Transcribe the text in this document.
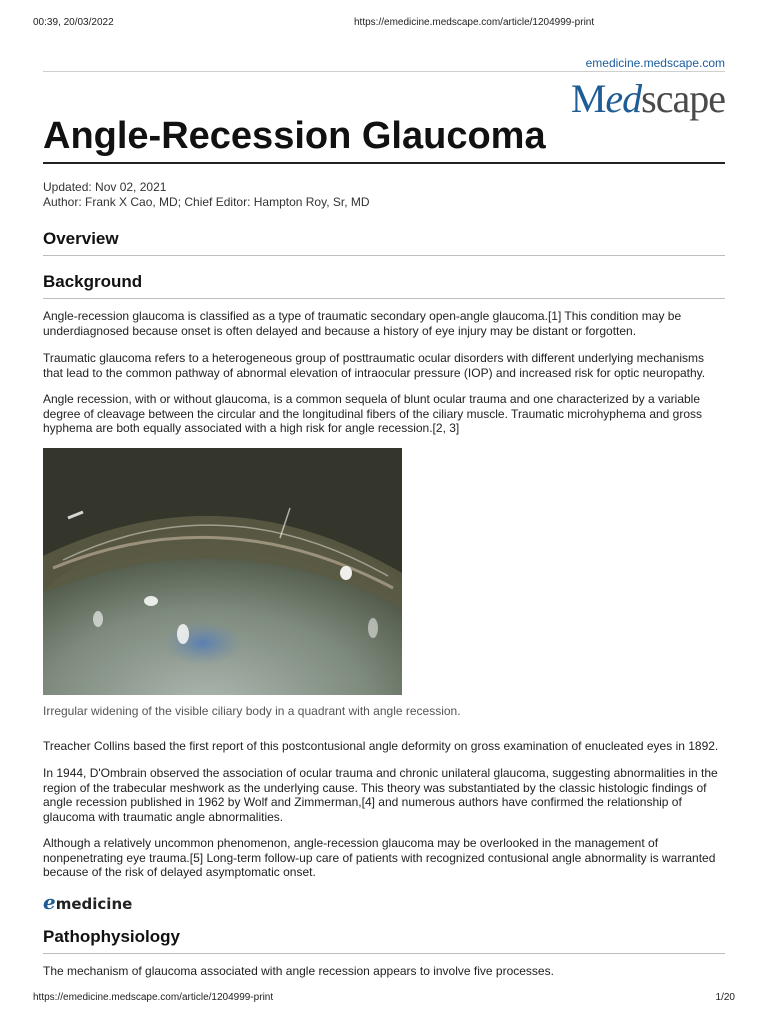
00:39, 20/03/2022	https://emedicine.medscape.com/article/1204999-print
emedicine.medscape.com
Medscape
Angle-Recession Glaucoma
Updated: Nov 02, 2021
Author: Frank X Cao, MD; Chief Editor: Hampton Roy, Sr, MD
Overview
Background

Angle-recession glaucoma is classified as a type of traumatic secondary open-angle glaucoma.[1] This condition may be underdiagnosed because onset is often delayed and because a history of eye injury may be distant or forgotten.

Traumatic glaucoma refers to a heterogeneous group of posttraumatic ocular disorders with different underlying mechanisms that lead to the common pathway of abnormal elevation of intraocular pressure (IOP) and increased risk for optic neuropathy.

Angle recession, with or without glaucoma, is a common sequela of blunt ocular trauma and one characterized by a variable degree of cleavage between the circular and the longitudinal fibers of the ciliary muscle. Traumatic microhyphema and gross hyphema are both equally associated with a high risk for angle recession.[2, 3]

Irregular widening of the visible ciliary body in a quadrant with angle recession.

Treacher Collins based the first report of this postcontusional angle deformity on gross examination of enucleated eyes in 1892.

In 1944, D'Ombrain observed the association of ocular trauma and chronic unilateral glaucoma, suggesting abnormalities in the region of the trabecular meshwork as the underlying cause. This theory was substantiated by the classic histologic findings of angle recession published in 1962 by Wolf and Zimmerman,[4] and numerous authors have confirmed the relationship of glaucoma with traumatic angle abnormalities.

Although a relatively uncommon phenomenon, angle-recession glaucoma may be overlooked in the management of nonpenetrating eye trauma.[5] Long-term follow-up care of patients with recognized contusional angle abnormality is warranted because of the risk of delayed asymptomatic onset.

emedicine
Pathophysiology

The mechanism of glaucoma associated with angle recession appears to involve five processes.

https://emedicine.medscape.com/article/1204999-print	1/20
